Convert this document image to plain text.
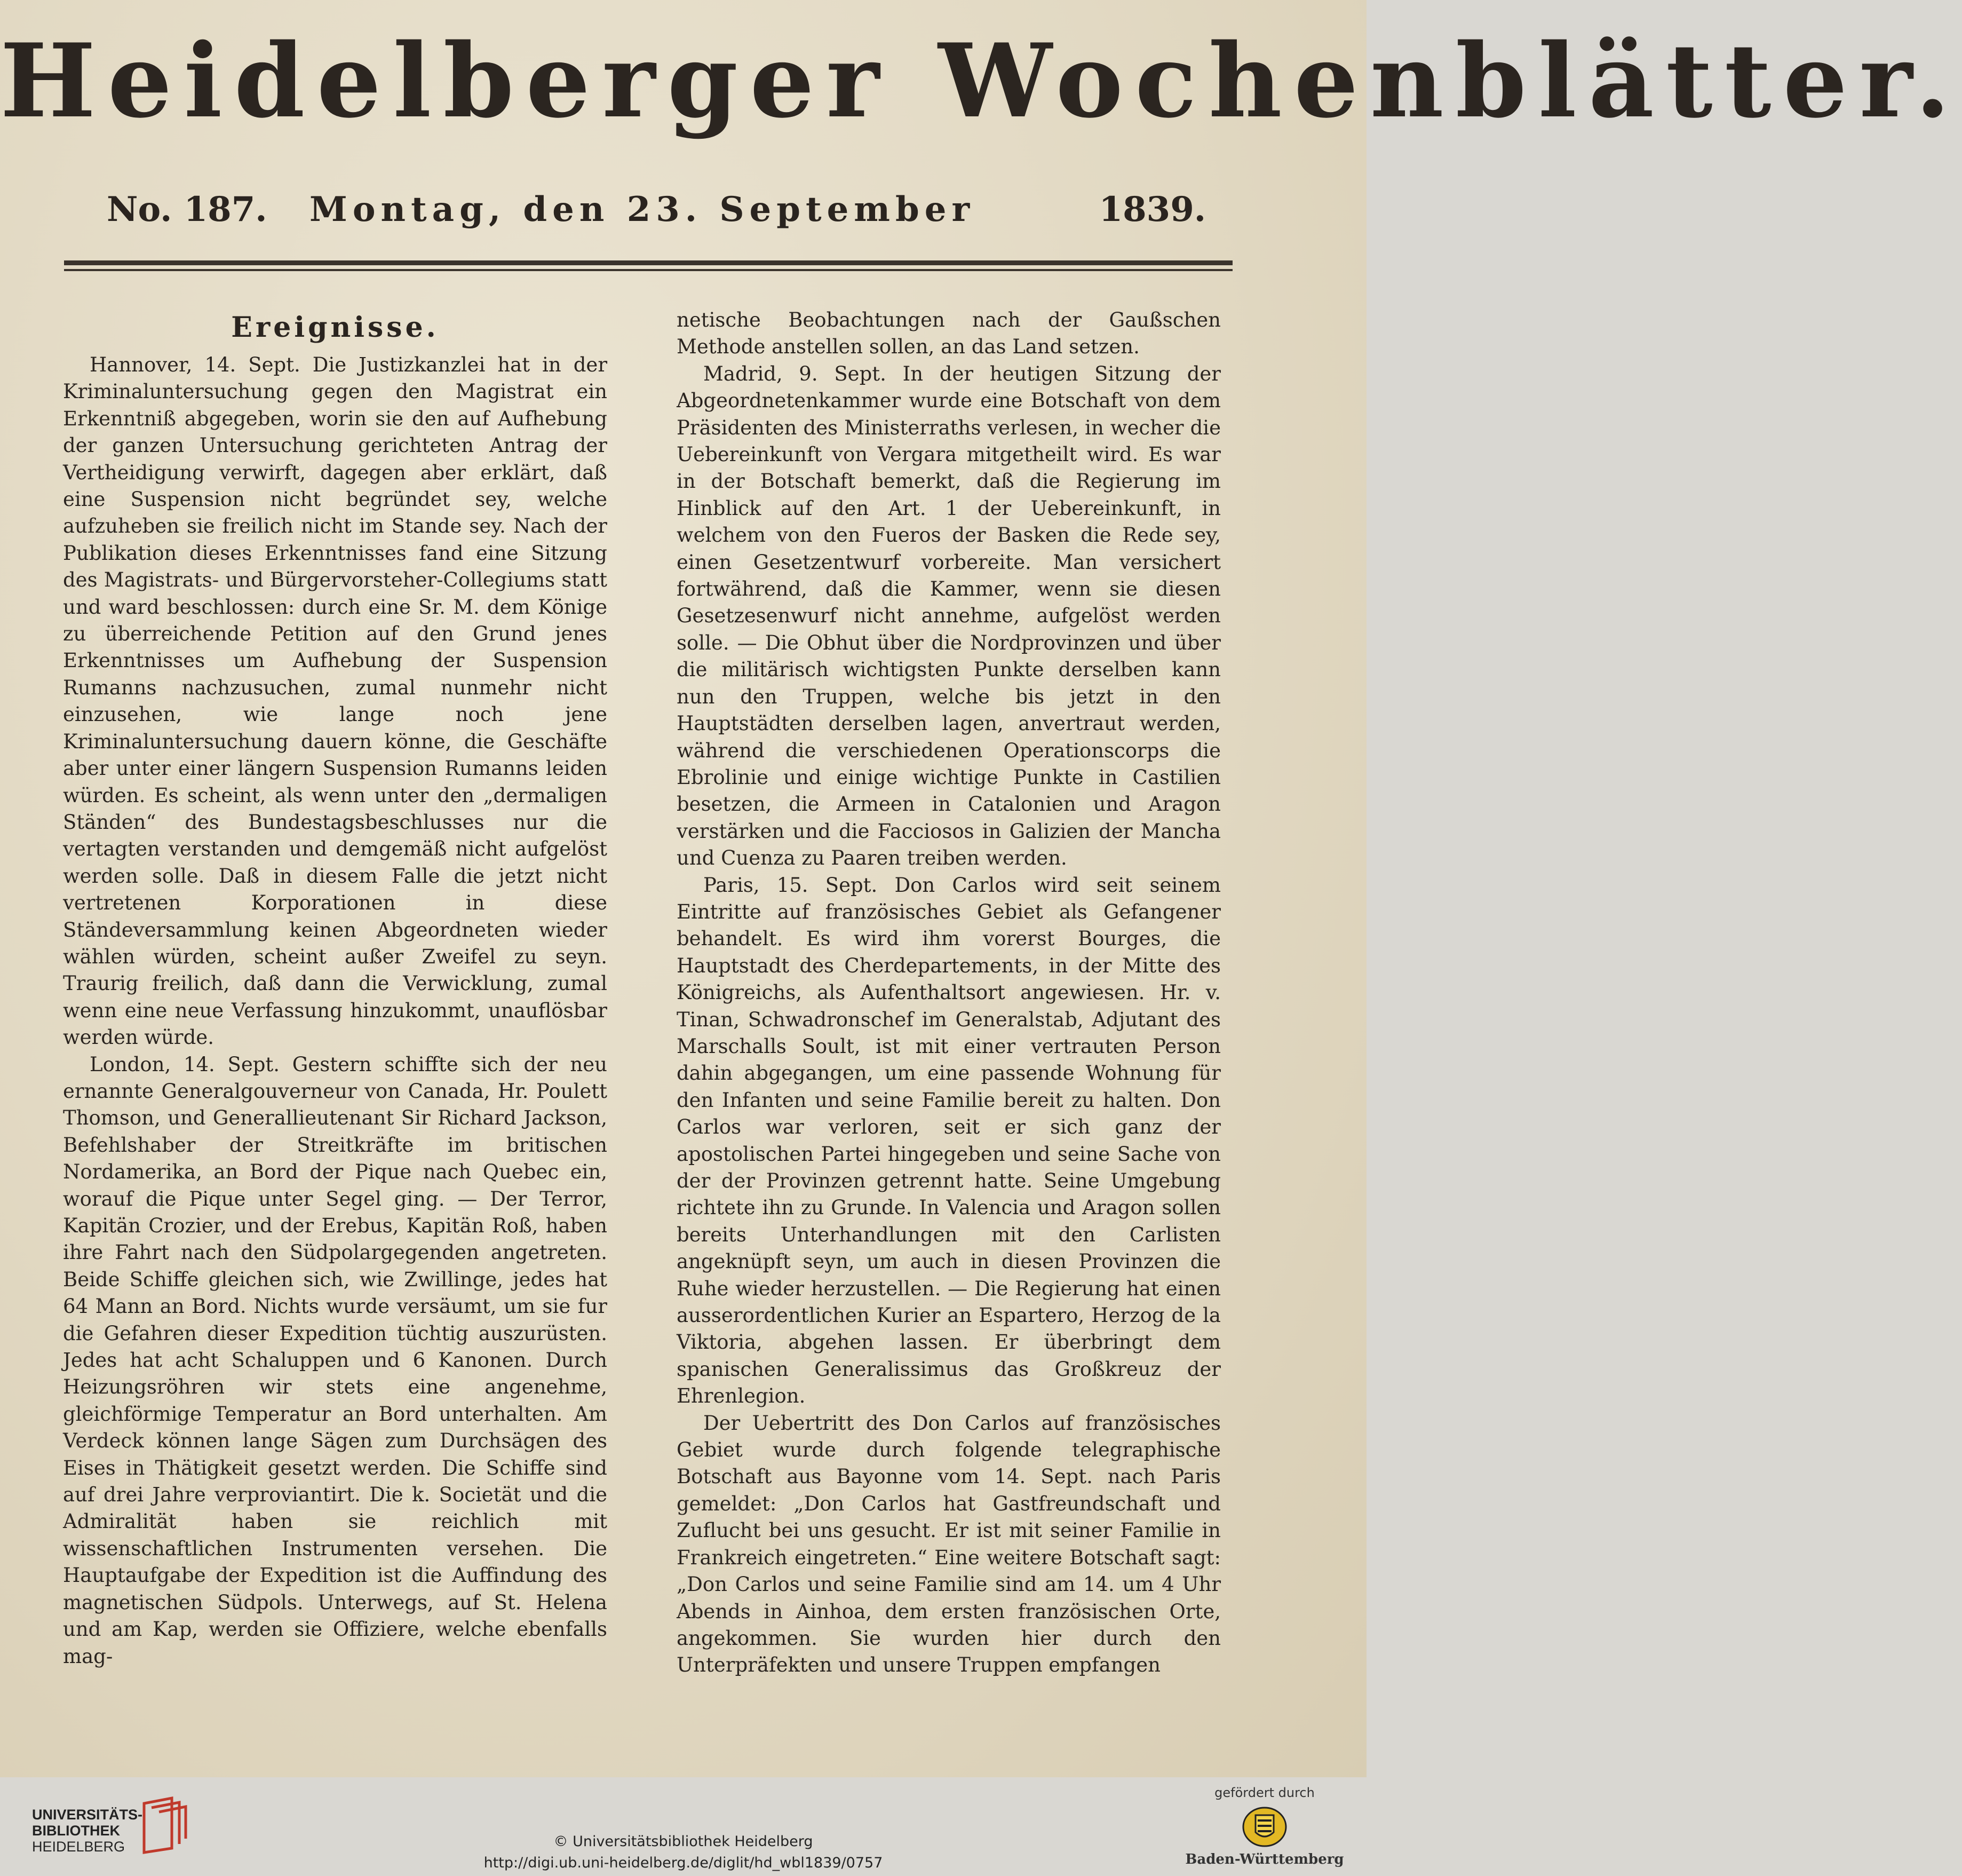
Heidelberger Wochenblätter.
No. 187. Montag, den 23. September	1839.
Ereignisse.

Hannover, 14. Sept. Die Justizkanzlei hat in der Kriminaluntersuchung gegen den Magistrat ein Erkenntniß abgegeben, worin sie den auf Aufhebung der ganzen Untersuchung gerichteten Antrag der Vertheidigung verwirft, dagegen aber erklärt, daß eine Suspension nicht begründet sey, welche aufzuheben sie freilich nicht im Stande sey. Nach der Publikation dieses Erkenntnisses fand eine Sitzung des Magistrats- und Bürgervorsteher-Collegiums statt und ward beschlossen: durch eine Sr. M. dem Könige zu überreichende Petition auf den Grund jenes Erkenntnisses um Aufhebung der Suspension Rumanns nachzusuchen, zumal nunmehr nicht einzusehen, wie lange noch jene Kriminaluntersuchung dauern könne, die Geschäfte aber unter einer längern Suspension Rumanns leiden würden. Es scheint, als wenn unter den „dermaligen Ständen“ des Bundestagsbeschlusses nur die vertagten verstanden und demgemäß nicht aufgelöst werden solle. Daß in diesem Falle die jetzt nicht vertretenen Korporationen in diese Ständeversammlung keinen Abgeordneten wieder wählen würden, scheint außer Zweifel zu seyn. Traurig freilich, daß dann die Verwicklung, zumal wenn eine neue Verfassung hinzukommt, unauflösbar werden würde.

London, 14. Sept. Gestern schiffte sich der neu ernannte Generalgouverneur von Canada, Hr. Poulett Thomson, und Generallieutenant Sir Richard Jackson, Befehlshaber der Streitkräfte im britischen Nordamerika, an Bord der Pique nach Quebec ein, worauf die Pique unter Segel ging. — Der Terror, Kapitän Crozier, und der Erebus, Kapitän Roß, haben ihre Fahrt nach den Südpolargegenden angetreten. Beide Schiffe gleichen sich, wie Zwillinge, jedes hat 64 Mann an Bord. Nichts wurde versäumt, um sie fur die Gefahren dieser Expedition tüchtig auszurüsten. Jedes hat acht Schaluppen und 6 Kanonen. Durch Heizungsröhren wir stets eine angenehme, gleichförmige Temperatur an Bord unterhalten. Am Verdeck können lange Sägen zum Durchsägen des Eises in Thätigkeit gesetzt werden. Die Schiffe sind auf drei Jahre verproviantirt. Die k. Societät und die Admiralität haben sie reichlich mit wissenschaftlichen Instrumenten versehen. Die Hauptaufgabe der Expedition ist die Auffindung des magnetischen Südpols. Unterwegs, auf St. Helena und am Kap, werden sie Offiziere, welche ebenfalls mag-

netische Beobachtungen nach der Gaußschen Methode anstellen sollen, an das Land setzen.

Madrid, 9. Sept. In der heutigen Sitzung der Abgeordnetenkammer wurde eine Botschaft von dem Präsidenten des Ministerraths verlesen, in wecher die Uebereinkunft von Vergara mitgetheilt wird. Es war in der Botschaft bemerkt, daß die Regierung im Hinblick auf den Art. 1 der Uebereinkunft, in welchem von den Fueros der Basken die Rede sey, einen Gesetzentwurf vorbereite. Man versichert fortwährend, daß die Kammer, wenn sie diesen Gesetzesenwurf nicht annehme, aufgelöst werden solle. — Die Obhut über die Nordprovinzen und über die militärisch wichtigsten Punkte derselben kann nun den Truppen, welche bis jetzt in den Hauptstädten derselben lagen, anvertraut werden, während die verschiedenen Operationscorps die Ebrolinie und einige wichtige Punkte in Castilien besetzen, die Armeen in Catalonien und Aragon verstärken und die Facciosos in Galizien der Mancha und Cuenza zu Paaren treiben werden.

Paris, 15. Sept. Don Carlos wird seit seinem Eintritte auf französisches Gebiet als Gefangener behandelt. Es wird ihm vorerst Bourges, die Hauptstadt des Cherdepartements, in der Mitte des Königreichs, als Aufenthaltsort angewiesen. Hr. v. Tinan, Schwadronschef im Generalstab, Adjutant des Marschalls Soult, ist mit einer vertrauten Person dahin abgegangen, um eine passende Wohnung für den Infanten und seine Familie bereit zu halten. Don Carlos war verloren, seit er sich ganz der apostolischen Partei hingegeben und seine Sache von der der Provinzen getrennt hatte. Seine Umgebung richtete ihn zu Grunde. In Valencia und Aragon sollen bereits Unterhandlungen mit den Carlisten angeknüpft seyn, um auch in diesen Provinzen die Ruhe wieder herzustellen. — Die Regierung hat einen ausserordentlichen Kurier an Espartero, Herzog de la Viktoria, abgehen lassen. Er überbringt dem spanischen Generalissimus das Großkreuz der Ehrenlegion.

Der Uebertritt des Don Carlos auf französisches Gebiet wurde durch folgende telegraphische Botschaft aus Bayonne vom 14. Sept. nach Paris gemeldet: „Don Carlos hat Gastfreundschaft und Zuflucht bei uns gesucht. Er ist mit seiner Familie in Frankreich eingetreten.“ Eine weitere Botschaft sagt: „Don Carlos und seine Familie sind am 14. um 4 Uhr Abends in Ainhoa, dem ersten französischen Orte, angekommen. Sie wurden hier durch den Unterpräfekten und unsere Truppen empfangen

UNIVERSITÄTS-
BIBLIOTHEK
HEIDELBERG	© Universitätsbibliothek Heidelberg
http://digi.ub.uni-heidelberg.de/diglit/hd_wbl1839/0757
gefördert durch
Baden-Württemberg
